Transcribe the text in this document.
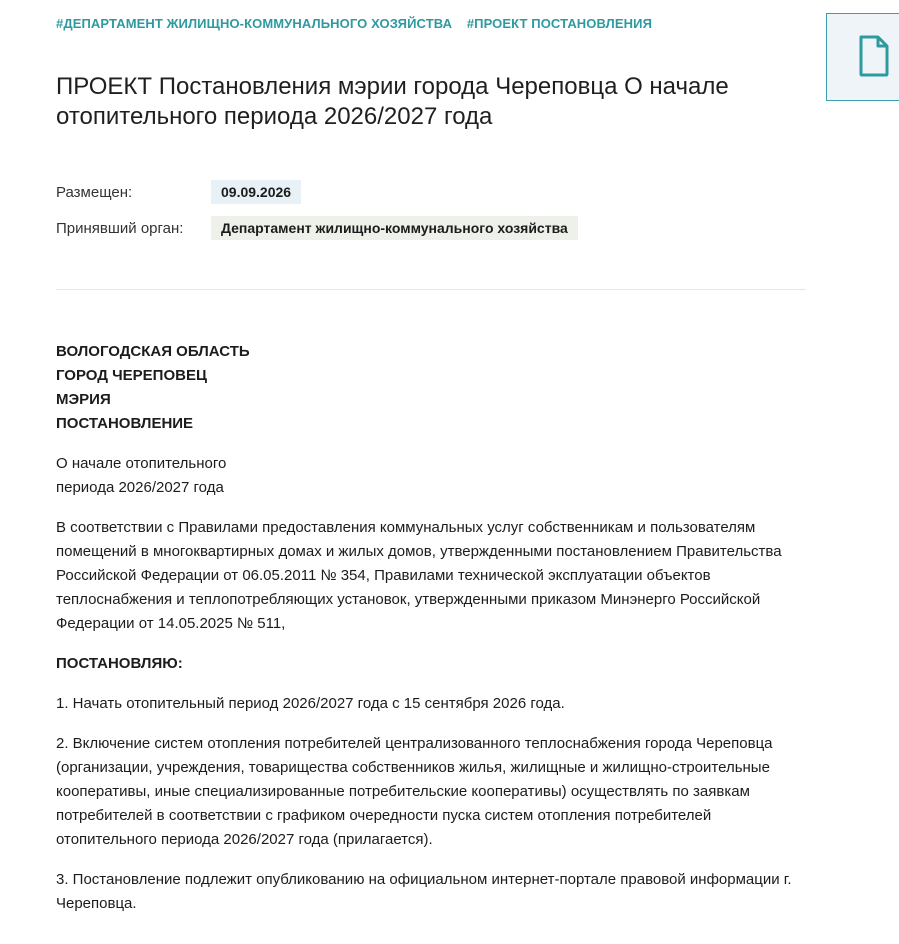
#ДЕПАРТАМЕНТ ЖИЛИЩНО-КОММУНАЛЬНОГО ХОЗЯЙСТВА #ПРОЕКТ ПОСТАНОВЛЕНИЯ
ПРОЕКТ Постановления мэрии города Череповца О начале отопительного периода 2026/2027 года
Размещен:	09.09.2026
Принявший орган:	Департамент жилищно-коммунального хозяйства
ВОЛОГОДСКАЯ ОБЛАСТЬ
ГОРОД ЧЕРЕПОВЕЦ
МЭРИЯ
ПОСТАНОВЛЕНИЕ

О начале отопительного
периода 2026/2027 года

В соответствии с Правилами предоставления коммунальных услуг собственникам и пользователям помещений в многоквартирных домах и жилых домов, утвержденными постановлением Правительства Российской Федерации от 06.05.2011 № 354, Правилами технической эксплуатации объектов теплоснабжения и теплопотребляющих установок, утвержденными приказом Минэнерго Российской Федерации от 14.05.2025 № 511,

ПОСТАНОВЛЯЮ:

1. Начать отопительный период 2026/2027 года с 15 сентября 2026 года.

2. Включение систем отопления потребителей централизованного теплоснабжения города Череповца (организации, учреждения, товарищества собственников жилья, жилищные и жилищно-строительные кооперативы, иные специализированные потребительские кооперативы) осуществлять по заявкам потребителей в соответствии с графиком очередности пуска систем отопления потребителей отопительного периода 2026/2027 года (прилагается).

3. Постановление подлежит опубликованию на официальном интернет-портале правовой информации г. Череповца.
